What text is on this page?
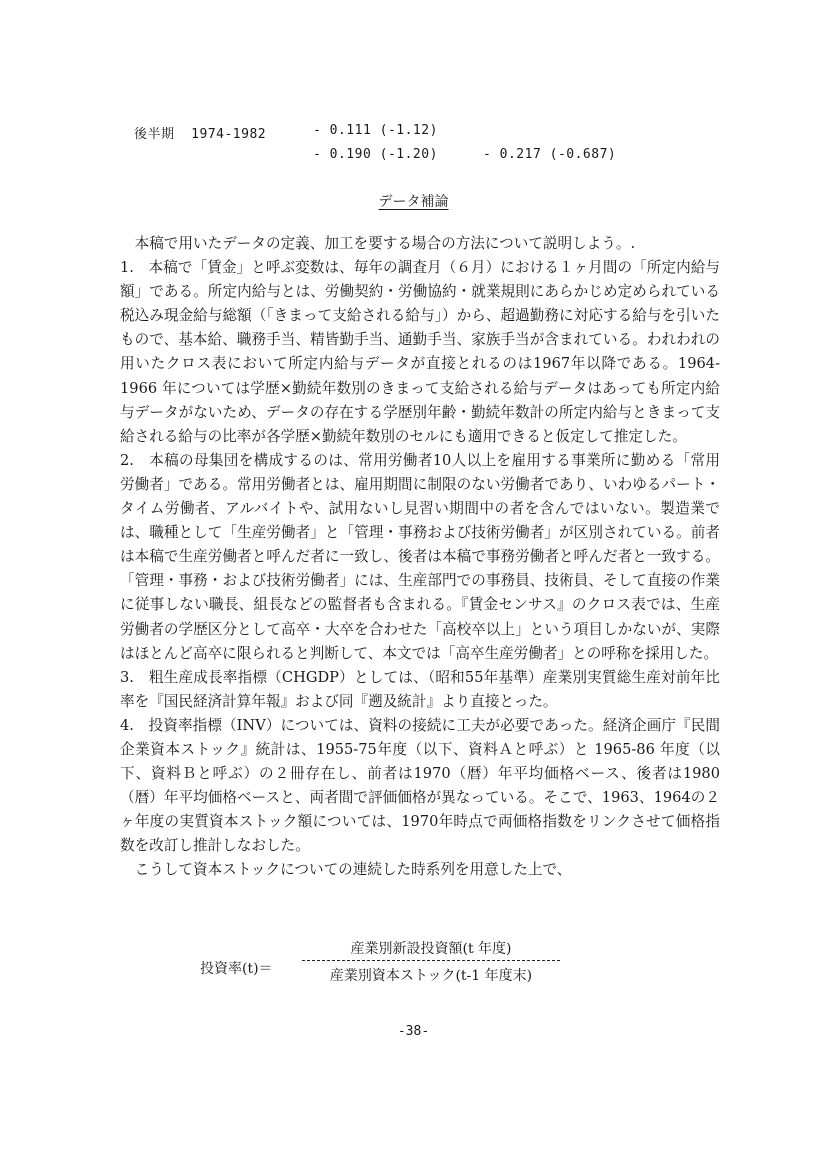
後半期 1974-1982	- 0.111 (-1.12)
- 0.190 (-1.20)	- 0.217 (-0.687)
データ補論

本稿で用いたデータの定義、加工を要する場合の方法について説明しよう。.

1.　本稿で「賃金」と呼ぶ変数は、毎年の調査月（６月）における１ヶ月間の「所定内給与額」である。所定内給与とは、労働契約・労働協約・就業規則にあらかじめ定められている税込み現金給与総額（「きまって支給される給与」）から、超過勤務に対応する給与を引いたもので、基本給、職務手当、精皆勤手当、通勤手当、家族手当が含まれている。われわれの用いたクロス表において所定内給与データが直接とれるのは1967年以降である。1964-1966 年については学歴×勤続年数別のきまって支給される給与データはあっても所定内給与データがないため、データの存在する学歴別年齢・勤続年数計の所定内給与ときまって支給される給与の比率が各学歴×勤続年数別のセルにも適用できると仮定して推定した。

2.　本稿の母集団を構成するのは、常用労働者10人以上を雇用する事業所に勤める「常用労働者」である。常用労働者とは、雇用期間に制限のない労働者であり、いわゆるパート・タイム労働者、アルバイトや、試用ないし見習い期間中の者を含んではいない。製造業では、職種として「生産労働者」と「管理・事務および技術労働者」が区別されている。前者は本稿で生産労働者と呼んだ者に一致し、後者は本稿で事務労働者と呼んだ者と一致する。「管理・事務・および技術労働者」には、生産部門での事務員、技術員、そして直接の作業に従事しない職長、組長などの監督者も含まれる。『賃金センサス』のクロス表では、生産労働者の学歴区分として高卒・大卒を合わせた「高校卒以上」という項目しかないが、実際はほとんど高卒に限られると判断して、本文では「高卒生産労働者」との呼称を採用した。

3.　粗生産成長率指標（CHGDP）としては、（昭和55年基準）産業別実質総生産対前年比率を『国民経済計算年報』および同『遡及統計』より直接とった。

4.　投資率指標（INV）については、資料の接続に工夫が必要であった。経済企画庁『民間企業資本ストック』統計は、1955-75年度（以下、資料Ａと呼ぶ）と 1965-86 年度（以下、資料Ｂと呼ぶ）の２冊存在し、前者は1970（暦）年平均価格ベース、後者は1980（暦）年平均価格ベースと、両者間で評価価格が異なっている。そこで、1963、1964の２ヶ年度の実質資本ストック額については、1970年時点で両価格指数をリンクさせて価格指数を改訂し推計しなおした。

こうして資本ストックについての連続した時系列を用意した上で、

投資率(t)＝
産業別新設投資額(t 年度)
産業別資本ストック(t-1 年度末)
-38-
